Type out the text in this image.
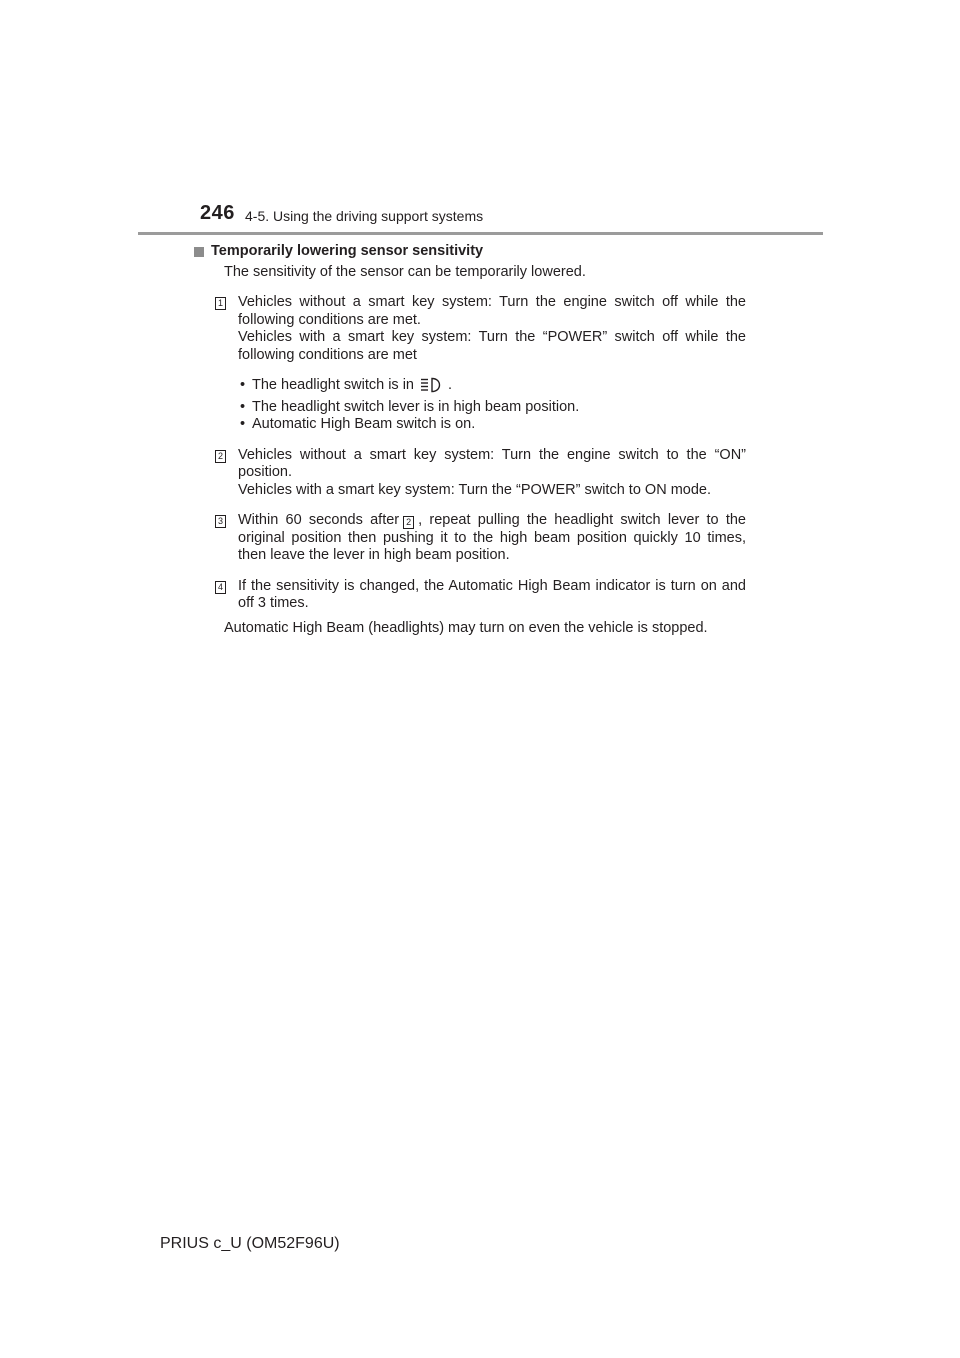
246 4-5. Using the driving support systems
Temporarily lowering sensor sensitivity
The sensitivity of the sensor can be temporarily lowered.
1 Vehicles without a smart key system: Turn the engine switch off while the following conditions are met.
Vehicles with a smart key system: Turn the “POWER” switch off while the following conditions are met
• The headlight switch is in .
• The headlight switch lever is in high beam position.
• Automatic High Beam switch is on.
2 Vehicles without a smart key system: Turn the engine switch to the “ON” position.
Vehicles with a smart key system: Turn the “POWER” switch to ON mode.
3 Within 60 seconds after 2 , repeat pulling the headlight switch lever to the original position then pushing it to the high beam position quickly 10 times, then leave the lever in high beam position.
4 If the sensitivity is changed, the Automatic High Beam indicator is turn on and off 3 times.
Automatic High Beam (headlights) may turn on even the vehicle is stopped.
PRIUS c_U (OM52F96U)
